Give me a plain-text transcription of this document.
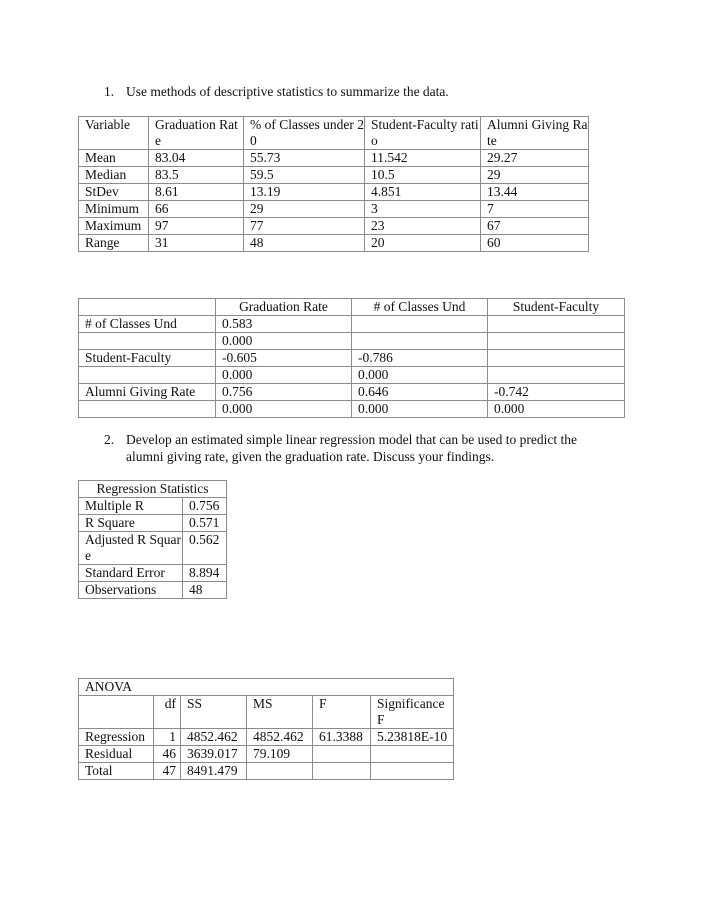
1. Use methods of descriptive statistics to summarize the data.
Variable	Graduation Rate	% of Classes under 20	Student-Faculty ratio	Alumni Giving Rate
Mean	83.04	55.73	11.542	29.27
Median	83.5	59.5	10.5	29
StDev	8.61	13.19	4.851	13.44
Minimum	66	29	3	7
Maximum	97	77	23	67
Range	31	48	20	60
	Graduation Rate	# of Classes Und	Student-Faculty
# of Classes Und	0.583		
	0.000		
Student-Faculty	-0.605	-0.786	
	0.000	0.000	
Alumni Giving Rate	0.756	0.646	-0.742
	0.000	0.000	0.000
2. Develop an estimated simple linear regression model that can be used to predict the
alumni giving rate, given the graduation rate. Discuss your findings.
Regression Statistics	
Multiple R	0.756
R Square	0.571
Adjusted R Square	0.562
Standard Error	8.894
Observations	48
ANOVA					
	df	SS	MS	F	Significance F
Regression	1	4852.462	4852.462	61.3388	5.23818E-10
Residual	46	3639.017	79.109		
Total	47	8491.479			
